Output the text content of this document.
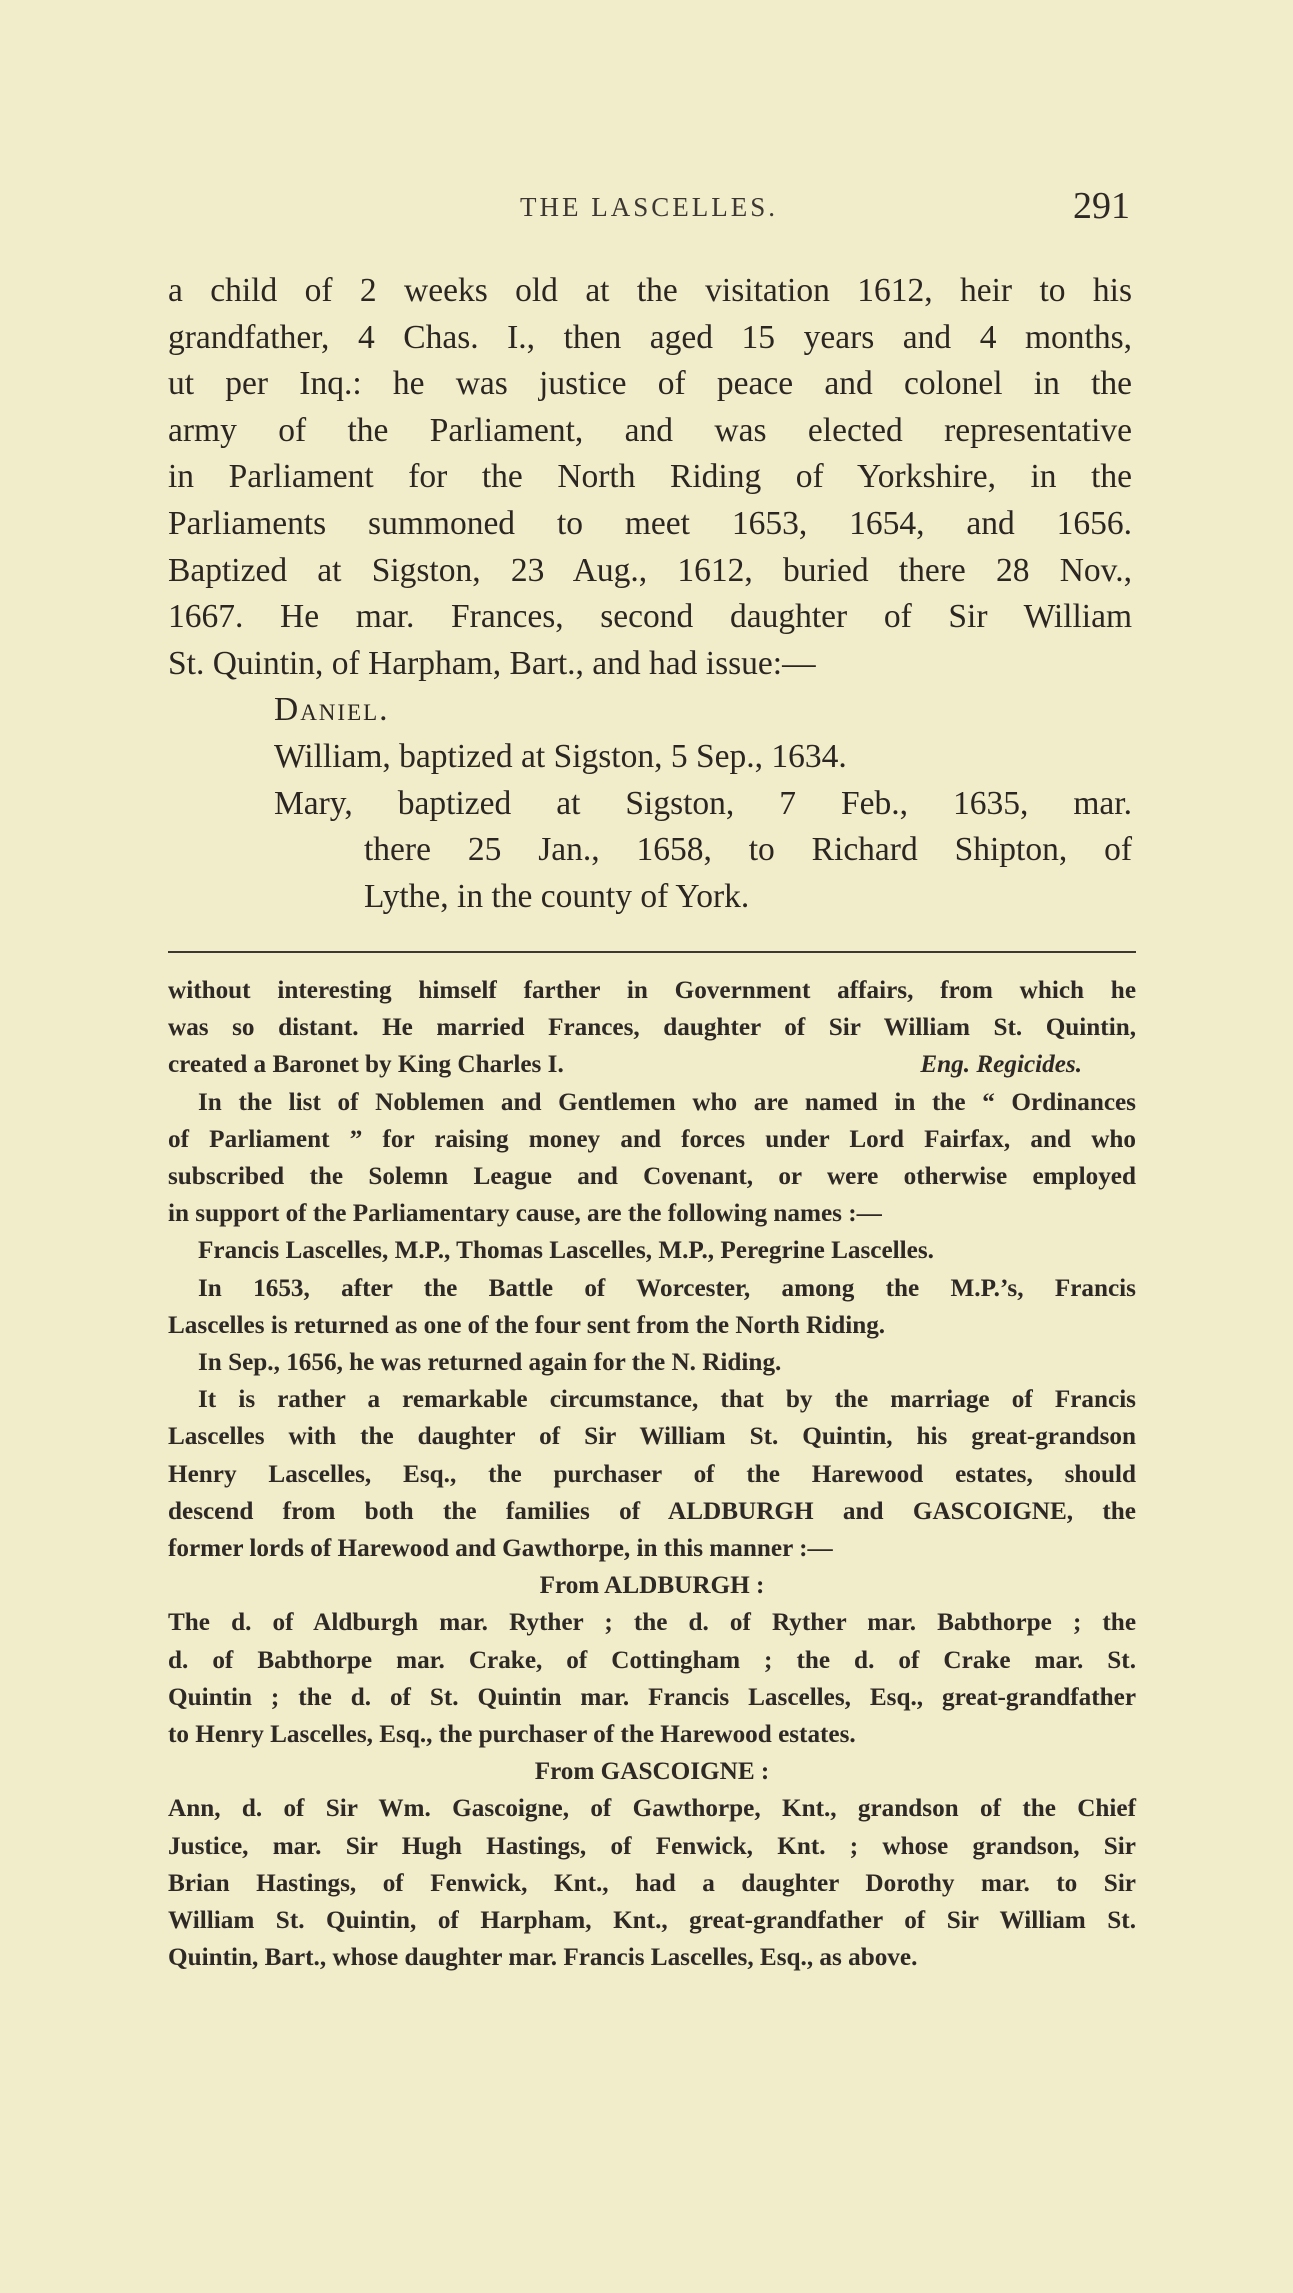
THE LASCELLES.	291
a child of 2 weeks old at the visitation 1612, heir to his
grandfather, 4 Chas. I., then aged 15 years and 4 months,
ut per Inq.: he was justice of peace and colonel in the
army of the Parliament, and was elected representative
in Parliament for the North Riding of Yorkshire, in the
Parliaments summoned to meet 1653, 1654, and 1656.
Baptized at Sigston, 23 Aug., 1612, buried there 28 Nov.,
1667. He mar. Frances, second daughter of Sir William
St. Quintin, of Harpham, Bart., and had issue:—
Daniel.
William, baptized at Sigston, 5 Sep., 1634.
Mary, baptized at Sigston, 7 Feb., 1635, mar.
there 25 Jan., 1658, to Richard Shipton, of
Lythe, in the county of York.
without interesting himself farther in Government affairs, from which he
was so distant. He married Frances, daughter of Sir William St. Quintin,
created a Baronet by King Charles I.	Eng. Regicides.
In the list of Noblemen and Gentlemen who are named in the “ Ordinances
of Parliament ” for raising money and forces under Lord Fairfax, and who
subscribed the Solemn League and Covenant, or were otherwise employed
in support of the Parliamentary cause, are the following names :—
Francis Lascelles, M.P., Thomas Lascelles, M.P., Peregrine Lascelles.
In 1653, after the Battle of Worcester, among the M.P.’s, Francis
Lascelles is returned as one of the four sent from the North Riding.
In Sep., 1656, he was returned again for the N. Riding.
It is rather a remarkable circumstance, that by the marriage of Francis
Lascelles with the daughter of Sir William St. Quintin, his great-grandson
Henry Lascelles, Esq., the purchaser of the Harewood estates, should
descend from both the families of ALDBURGH and GASCOIGNE, the
former lords of Harewood and Gawthorpe, in this manner :—
From ALDBURGH :
The d. of Aldburgh mar. Ryther ; the d. of Ryther mar. Babthorpe ; the
d. of Babthorpe mar. Crake, of Cottingham ; the d. of Crake mar. St.
Quintin ; the d. of St. Quintin mar. Francis Lascelles, Esq., great-grandfather
to Henry Lascelles, Esq., the purchaser of the Harewood estates.
From GASCOIGNE :
Ann, d. of Sir Wm. Gascoigne, of Gawthorpe, Knt., grandson of the Chief
Justice, mar. Sir Hugh Hastings, of Fenwick, Knt. ; whose grandson, Sir
Brian Hastings, of Fenwick, Knt., had a daughter Dorothy mar. to Sir
William St. Quintin, of Harpham, Knt., great-grandfather of Sir William St.
Quintin, Bart., whose daughter mar. Francis Lascelles, Esq., as above.
